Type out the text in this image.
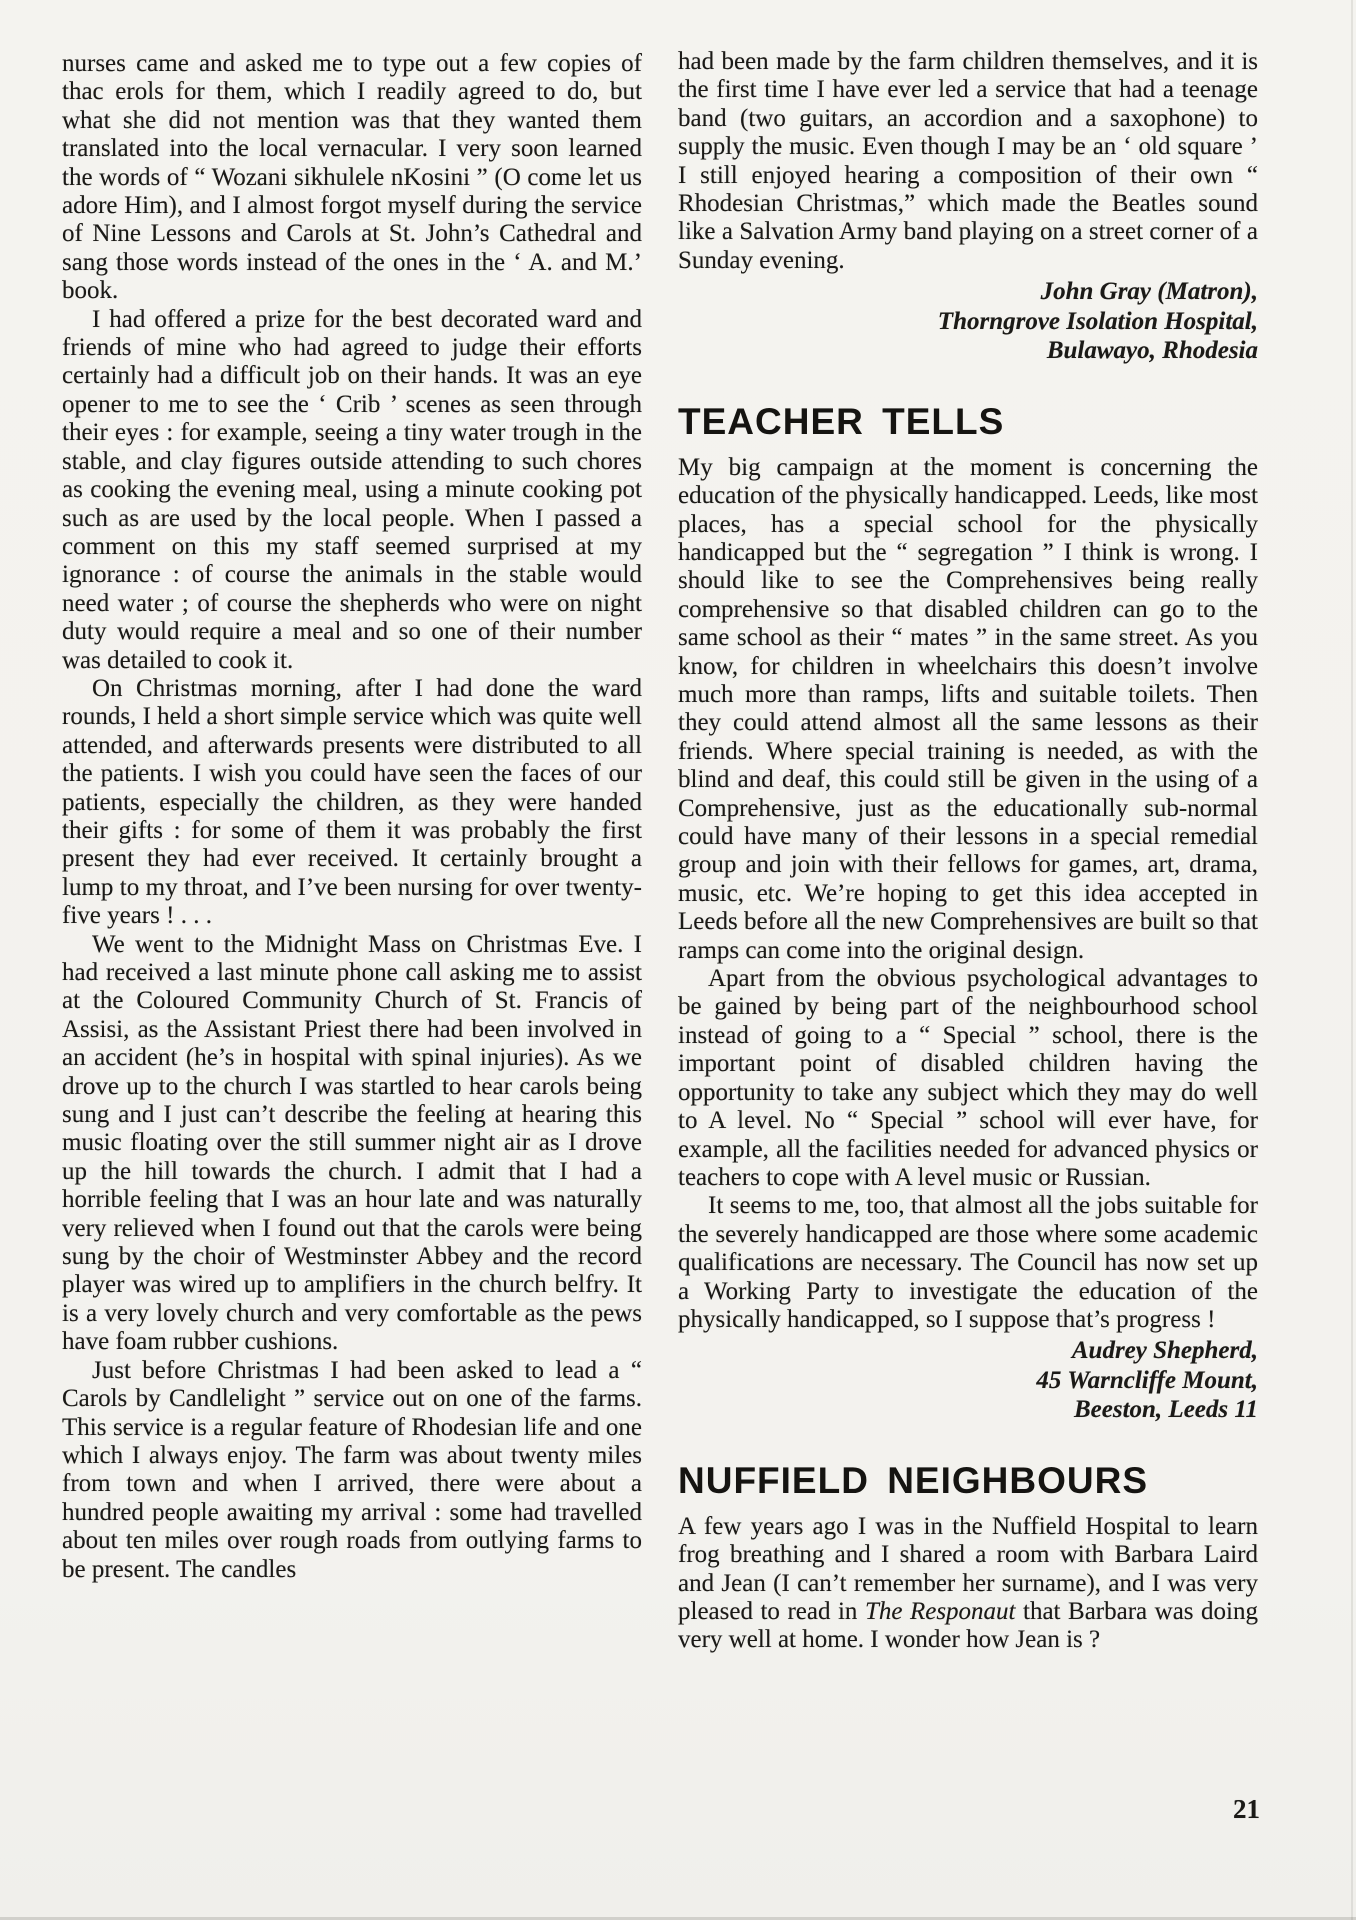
nurses came and asked me to type out a few copies of thac erols for them, which I readily agreed to do, but what she did not mention was that they wanted them translated into the local vernacular. I very soon learned the words of “ Wozani sikhulele nKosini ” (O come let us adore Him), and I almost forgot myself during the service of Nine Lessons and Carols at St. John’s Cathedral and sang those words instead of the ones in the ‘ A. and M.’ book.

I had offered a prize for the best decorated ward and friends of mine who had agreed to judge their efforts certainly had a difficult job on their hands. It was an eye opener to me to see the ‘ Crib ’ scenes as seen through their eyes : for example, seeing a tiny water trough in the stable, and clay figures outside attending to such chores as cooking the evening meal, using a minute cooking pot such as are used by the local people. When I passed a comment on this my staff seemed surprised at my ignorance : of course the animals in the stable would need water ; of course the shepherds who were on night duty would require a meal and so one of their number was detailed to cook it.

On Christmas morning, after I had done the ward rounds, I held a short simple service which was quite well attended, and afterwards presents were distributed to all the patients. I wish you could have seen the faces of our patients, especially the children, as they were handed their gifts : for some of them it was probably the first present they had ever received. It certainly brought a lump to my throat, and I’ve been nursing for over twenty-five years ! . . .

We went to the Midnight Mass on Christmas Eve. I had received a last minute phone call asking me to assist at the Coloured Community Church of St. Francis of Assisi, as the Assistant Priest there had been involved in an accident (he’s in hospital with spinal injuries). As we drove up to the church I was startled to hear carols being sung and I just can’t describe the feeling at hearing this music floating over the still summer night air as I drove up the hill towards the church. I admit that I had a horrible feeling that I was an hour late and was naturally very relieved when I found out that the carols were being sung by the choir of Westminster Abbey and the record player was wired up to amplifiers in the church belfry. It is a very lovely church and very comfortable as the pews have foam rubber cushions.

Just before Christmas I had been asked to lead a “ Carols by Candlelight ” service out on one of the farms. This service is a regular feature of Rhodesian life and one which I always enjoy. The farm was about twenty miles from town and when I arrived, there were about a hundred people awaiting my arrival : some had travelled about ten miles over rough roads from outlying farms to be present. The candles

had been made by the farm children themselves, and it is the first time I have ever led a service that had a teenage band (two guitars, an accordion and a saxophone) to supply the music. Even though I may be an ‘ old square ’ I still enjoyed hearing a composition of their own “ Rhodesian Christmas,” which made the Beatles sound like a Salvation Army band playing on a street corner of a Sunday evening.

John Gray (Matron),
Thorngrove Isolation Hospital,
Bulawayo, Rhodesia
TEACHER TELLS

My big campaign at the moment is concerning the education of the physically handicapped. Leeds, like most places, has a special school for the physically handicapped but the “ segregation ” I think is wrong. I should like to see the Comprehensives being really comprehensive so that disabled children can go to the same school as their “ mates ” in the same street. As you know, for children in wheelchairs this doesn’t involve much more than ramps, lifts and suitable toilets. Then they could attend almost all the same lessons as their friends. Where special training is needed, as with the blind and deaf, this could still be given in the using of a Comprehensive, just as the educationally sub-normal could have many of their lessons in a special remedial group and join with their fellows for games, art, drama, music, etc. We’re hoping to get this idea accepted in Leeds before all the new Comprehensives are built so that ramps can come into the original design.

Apart from the obvious psychological advantages to be gained by being part of the neighbourhood school instead of going to a “ Special ” school, there is the important point of disabled children having the opportunity to take any subject which they may do well to A level. No “ Special ” school will ever have, for example, all the facilities needed for advanced physics or teachers to cope with A level music or Russian.

It seems to me, too, that almost all the jobs suitable for the severely handicapped are those where some academic qualifications are necessary. The Council has now set up a Working Party to investigate the education of the physically handicapped, so I suppose that’s progress !

Audrey Shepherd,
45 Warncliffe Mount,
Beeston, Leeds 11
NUFFIELD NEIGHBOURS

A few years ago I was in the Nuffield Hospital to learn frog breathing and I shared a room with Barbara Laird and Jean (I can’t remember her surname), and I was very pleased to read in The Responaut that Barbara was doing very well at home. I wonder how Jean is ?

21
